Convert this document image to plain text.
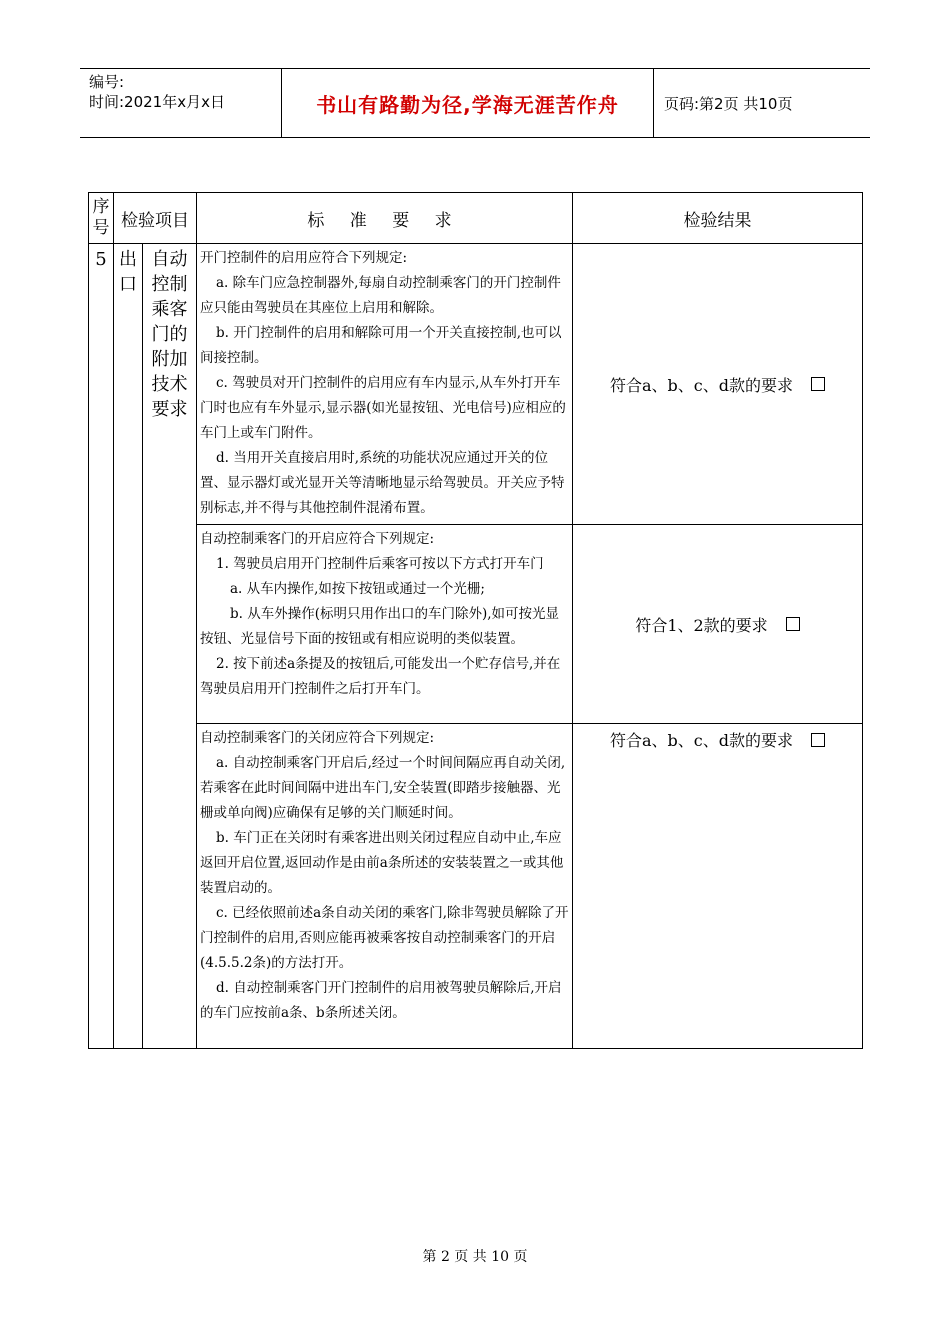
编号:
时间:2021年x月x日	书山有路勤为径,学海无涯苦作舟	页码:第2页 共10页
序
号	检验项目		标 准 要 求	检验结果
5	出口	自动控制乘客门的附加技术要求	开门控制件的启用应符合下列规定:

a. 除车门应急控制器外,每扇自动控制乘客门的开门控制件应只能由驾驶员在其座位上启用和解除。

b. 开门控制件的启用和解除可用一个开关直接控制,也可以间接控制。

c. 驾驶员对开门控制件的启用应有车内显示,从车外打开车门时也应有车外显示,显示器(如光显按钮、光电信号)应相应的车门上或车门附件。

d. 当用开关直接启用时,系统的功能状况应通过开关的位置、显示器灯或光显开关等清晰地显示给驾驶员。开关应予特别标志,并不得与其他控制件混淆布置。	符合a、b、c、d款的要求

			自动控制乘客门的开启应符合下列规定:

1. 驾驶员启用开门控制件后乘客可按以下方式打开车门

a. 从车内操作,如按下按钮或通过一个光栅;

b. 从车外操作(标明只用作出口的车门除外),如可按光显按钮、光显信号下面的按钮或有相应说明的类似装置。

2. 按下前述a条提及的按钮后,可能发出一个贮存信号,并在驾驶员启用开门控制件之后打开车门。	符合1、2款的要求

			自动控制乘客门的关闭应符合下列规定:

a. 自动控制乘客门开启后,经过一个时间间隔应再自动关闭,若乘客在此时间间隔中进出车门,安全装置(即踏步接触器、光栅或单向阀)应确保有足够的关门顺延时间。

b. 车门正在关闭时有乘客进出则关闭过程应自动中止,车应返回开启位置,返回动作是由前a条所述的安装装置之一或其他装置启动的。

c. 已经依照前述a条自动关闭的乘客门,除非驾驶员解除了开门控制件的启用,否则应能再被乘客按自动控制乘客门的开启(4.5.5.2条)的方法打开。

d. 自动控制乘客门开门控制件的启用被驾驶员解除后,开启的车门应按前a条、b条所述关闭。	符合a、b、c、d款的要求
第 2 页 共 10 页
